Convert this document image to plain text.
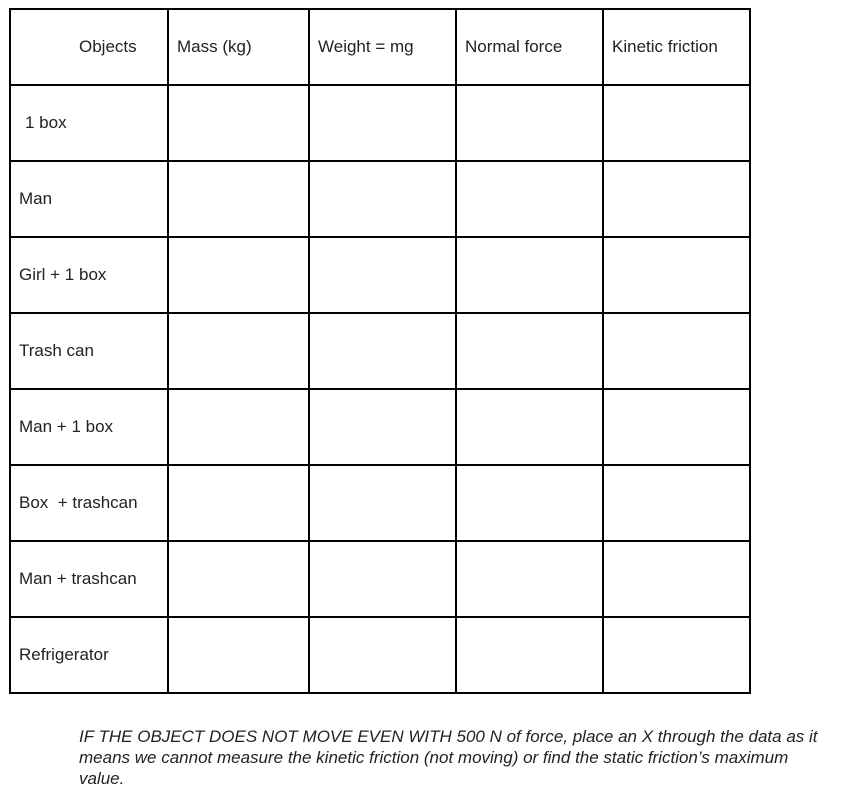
Objects	Mass (kg)	Weight = mg	Normal force	Kinetic friction
1 box				
Man				
Girl + 1 box				
Trash can				
Man + 1 box				
Box  + trashcan				
Man + trashcan				
Refrigerator				

IF THE OBJECT DOES NOT MOVE EVEN WITH 500 N of force, place an X through the data as it means we cannot measure the kinetic friction (not moving) or find the static friction’s maximum value.
